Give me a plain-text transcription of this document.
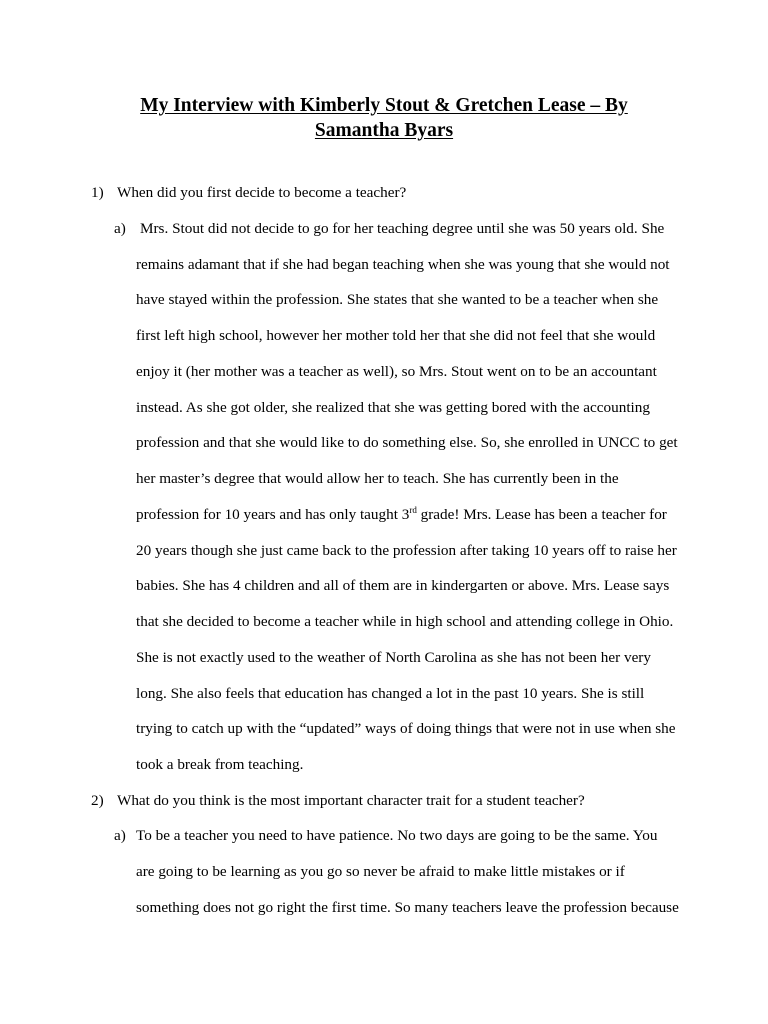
My Interview with Kimberly Stout & Gretchen Lease – By
Samantha Byars
1) When did you first decide to become a teacher?
a) Mrs. Stout did not decide to go for her teaching degree until she was 50 years old. She
remains adamant that if she had began teaching when she was young that she would not
have stayed within the profession. She states that she wanted to be a teacher when she
first left high school, however her mother told her that she did not feel that she would
enjoy it (her mother was a teacher as well), so Mrs. Stout went on to be an accountant
instead. As she got older, she realized that she was getting bored with the accounting
profession and that she would like to do something else. So, she enrolled in UNCC to get
her master’s degree that would allow her to teach. She has currently been in the
profession for 10 years and has only taught 3rd grade! Mrs. Lease has been a teacher for
20 years though she just came back to the profession after taking 10 years off to raise her
babies. She has 4 children and all of them are in kindergarten or above. Mrs. Lease says
that she decided to become a teacher while in high school and attending college in Ohio.
She is not exactly used to the weather of North Carolina as she has not been her very
long. She also feels that education has changed a lot in the past 10 years. She is still
trying to catch up with the “updated” ways of doing things that were not in use when she
took a break from teaching.
2) What do you think is the most important character trait for a student teacher?
a) To be a teacher you need to have patience. No two days are going to be the same. You
are going to be learning as you go so never be afraid to make little mistakes or if
something does not go right the first time. So many teachers leave the profession because
